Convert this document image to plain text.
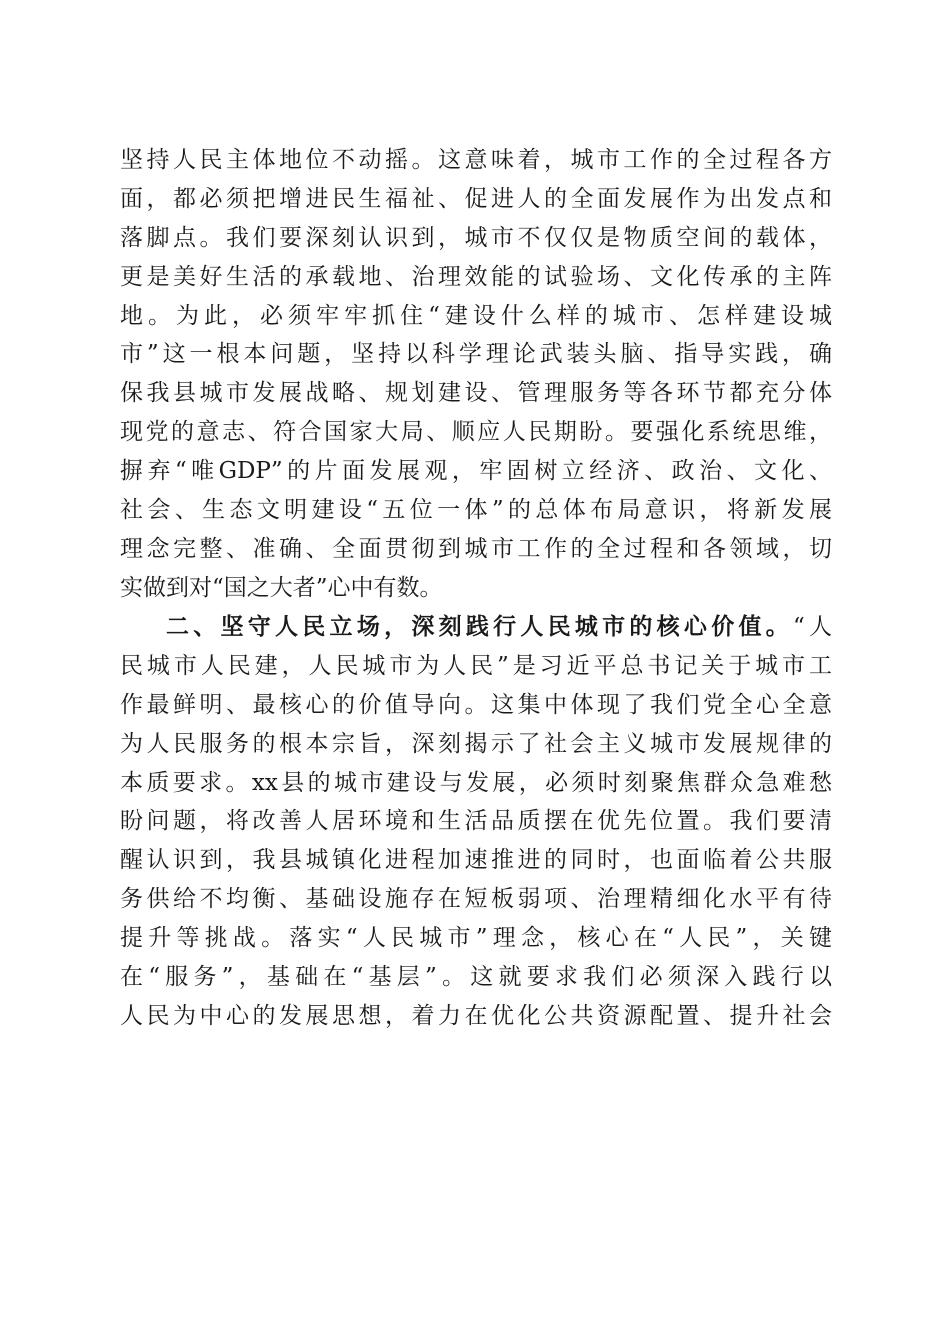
坚持人民主体地位不动摇。这意味着，城市工作的全过程各方
面，都必须把增进民生福祉、促进人的全面发展作为出发点和
落脚点。我们要深刻认识到，城市不仅仅是物质空间的载体，
更是美好生活的承载地、治理效能的试验场、文化传承的主阵
地。为此，必须牢牢抓住“建设什么样的城市、怎样建设城
市”这一根本问题，坚持以科学理论武装头脑、指导实践，确
保我县城市发展战略、规划建设、管理服务等各环节都充分体
现党的意志、符合国家大局、顺应人民期盼。要强化系统思维，
摒弃“唯GDP”的片面发展观，牢固树立经济、政治、文化、
社会、生态文明建设“五位一体”的总体布局意识，将新发展
理念完整、准确、全面贯彻到城市工作的全过程和各领域，切
实做到对“国之大者”心中有数。
二、坚守人民立场，深刻践行人民城市的核心价值。“人
民城市人民建，人民城市为人民”是习近平总书记关于城市工
作最鲜明、最核心的价值导向。这集中体现了我们党全心全意
为人民服务的根本宗旨，深刻揭示了社会主义城市发展规律的
本质要求。xx县的城市建设与发展，必须时刻聚焦群众急难愁
盼问题，将改善人居环境和生活品质摆在优先位置。我们要清
醒认识到，我县城镇化进程加速推进的同时，也面临着公共服
务供给不均衡、基础设施存在短板弱项、治理精细化水平有待
提升等挑战。落实“人民城市”理念，核心在“人民”，关键
在“服务”，基础在“基层”。这就要求我们必须深入践行以
人民为中心的发展思想，着力在优化公共资源配置、提升社会
